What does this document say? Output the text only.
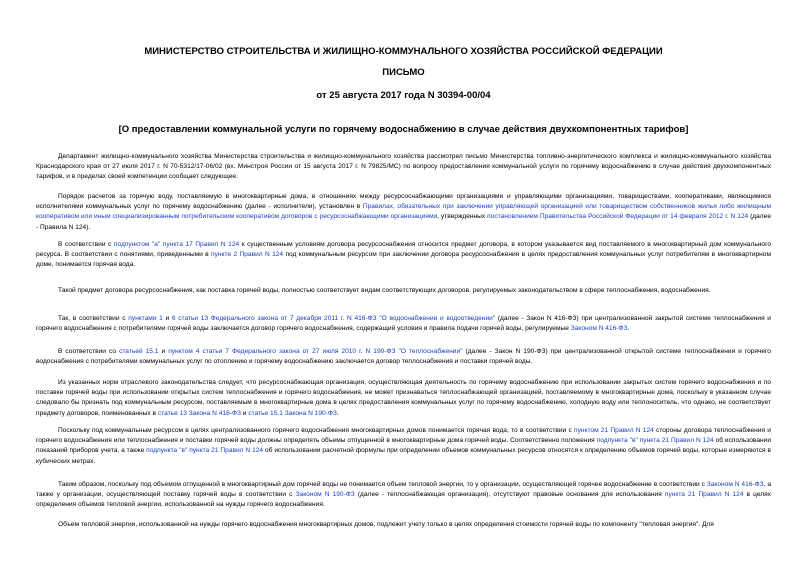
МИНИСТЕРСТВО СТРОИТЕЛЬСТВА И ЖИЛИЩНО-КОММУНАЛЬНОГО ХОЗЯЙСТВА РОССИЙСКОЙ ФЕДЕРАЦИИ
ПИСЬМО
от 25 августа 2017 года N 30394-00/04
[О предоставлении коммунальной услуги по горячему водоснабжению в случае действия двухкомпонентных тарифов]
Департамент жилищно-коммунального хозяйства Министерства строительства и жилищно-коммунального хозяйства рассмотрел письмо Министерства топливно-энергетического комплекса и жилищно-коммунального хозяйства Краснодарского края от 27 июля 2017 г. N 70-5312/17-06/02 (вх. Минстроя России от 15 августа 2017 г. N 79825/МС) по вопросу предоставления коммунальной услуги по горячему водоснабжению в случае действия двухкомпонентных тарифов, и в пределах своей компетенции сообщает следующее.
Порядок расчетов за горячую воду, поставляемую в многоквартирные дома, в отношениях между ресурсоснабжающими организациями и управляющими организациями, товариществами, кооперативами, являющимися исполнителями коммунальных услуг по горячему водоснабжению (далее - исполнители), установлен в Правилах, обязательных при заключении управляющей организацией или товариществом собственников жилья либо жилищным кооперативом или иным специализированным потребительским кооперативом договоров с ресурсоснабжающими организациями, утвержденных постановлением Правительства Российской Федерации от 14 февраля 2012 г. N 124 (далее - Правила N 124).
В соответствии с подпунктом "а" пункта 17 Правил N 124 к существенным условиям договора ресурсоснабжения относится предмет договора, в котором указывается вид поставляемого в многоквартирный дом коммунального ресурса. В соответствии с понятиями, приведенными в пункте 2 Правил N 124 под коммунальным ресурсом при заключении договора ресурсоснабжения в целях предоставления коммунальных услуг потребителям в многоквартирном доме, понимается горячая вода.
Такой предмет договора ресурсоснабжения, как поставка горячей воды, полностью соответствует видам соответствующих договоров, регулируемых законодательством в сфере теплоснабжения, водоснабжения.
Так, в соответствии с пунктами 1 и 6 статьи 13 Федерального закона от 7 декабря 2011 г. N 416-ФЗ "О водоснабжении и водоотведении" (далее - Закон N 416-ФЗ) при централизованной закрытой системе теплоснабжения и горячего водоснабжения с потребителями горячей воды заключается договор горячего водоснабжения, содержащий условия и правила подачи горячей воды, регулируемые Законом N 416-ФЗ.
В соответствии со статьей 15.1 и пунктом 4 статьи 7 Федерального закона от 27 июля 2010 г. N 190-ФЗ "О теплоснабжении" (далее - Закон N 190-ФЗ) при централизованной открытой системе теплоснабжения и горячего водоснабжения с потребителями коммунальных услуг по отоплению и горячему водоснабжению заключается договор теплоснабжения и поставки горячей воды.
Из указанных норм отраслевого законодательства следует, что ресурсоснабжающая организация, осуществляющая деятельность по горячему водоснабжению при использовании закрытых систем горячего водоснабжения и по поставке горячей воды при использовании открытых систем теплоснабжения и горячего водоснабжения, не может признаваться теплоснабжающей организацией, поставляемому в многоквартирные дома, поскольку в указанном случае следовало бы признать под коммунальным ресурсом, поставляемым в многоквартирные дома в целях предоставления коммунальных услуг по горячему водоснабжению, холодную воду или теплоноситель, что однако, не соответствует предмету договоров, поименованных в статье 13 Закона N 416-ФЗ и статье 15.1 Закона N 190-ФЗ.
Поскольку под коммунальным ресурсом в целях централизованного горячего водоснабжения многоквартирных домов понимается горячая вода, то в соответствии с пунктом 21 Правил N 124 стороны договора теплоснабжения и горячего водоснабжения или теплоснабжения и поставки горячей воды должны определять объемы отпущенной в многоквартирные дома горячей воды. Соответственно положения подпункта "в" пункта 21 Правил N 124 об использовании показаний приборов учета, а также подпункта "в" пункта 21 Правил N 124 об использовании расчетной формулы при определении объемов коммунальных ресурсов относятся к определению объемов горячей воды, которые измеряются в кубических метрах.
Таким образом, поскольку под объемом отпущенной в многоквартирный дом горячей воды не понимается объем тепловой энергии, то у организации, осуществляющей горячее водоснабжение в соответствии с Законом N 416-ФЗ, а также у организации, осуществляющей поставку горячей воды в соответствии с Законом N 190-ФЗ (далее - теплоснабжающая организация), отсутствуют правовые основания для использования пункта 21 Правил N 124 в целях определения объемов тепловой энергии, использованной на нужды горячего водоснабжения.
Объем тепловой энергии, использованной на нужды горячего водоснабжения многоквартирных домов, подлежит учету только в целях определения стоимости горячей воды по компоненту "тепловая энергия". Для
